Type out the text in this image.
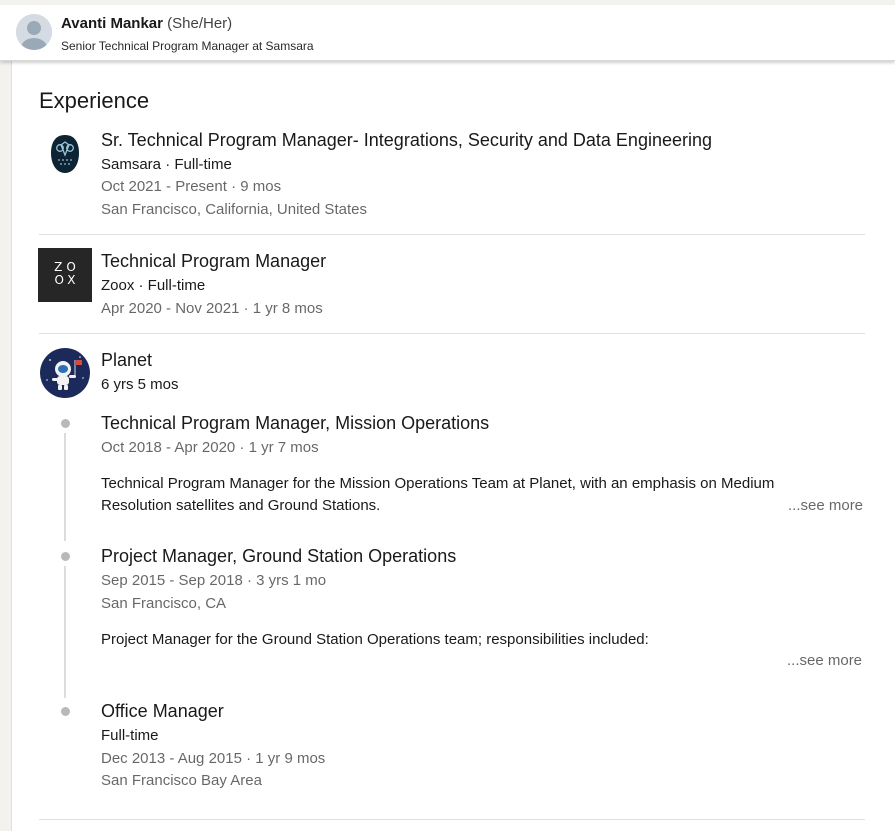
Avanti Mankar (She/Her)
Senior Technical Program Manager at Samsara
Experience
Sr. Technical Program Manager- Integrations, Security and Data Engineering
Samsara · Full-time
Oct 2021 - Present · 9 mos
San Francisco, California, United States
ZO
OX
Technical Program Manager
Zoox · Full-time
Apr 2020 - Nov 2021 · 1 yr 8 mos
Planet
6 yrs 5 mos
Technical Program Manager, Mission Operations
Oct 2018 - Apr 2020 · 1 yr 7 mos
Technical Program Manager for the Mission Operations Team at Planet, with an emphasis on Medium Resolution satellites and Ground Stations.	...see more
Project Manager, Ground Station Operations
Sep 2015 - Sep 2018 · 3 yrs 1 mo
San Francisco, CA
Project Manager for the Ground Station Operations team; responsibilities included:
...see more
Office Manager
Full-time
Dec 2013 - Aug 2015 · 1 yr 9 mos
San Francisco Bay Area
